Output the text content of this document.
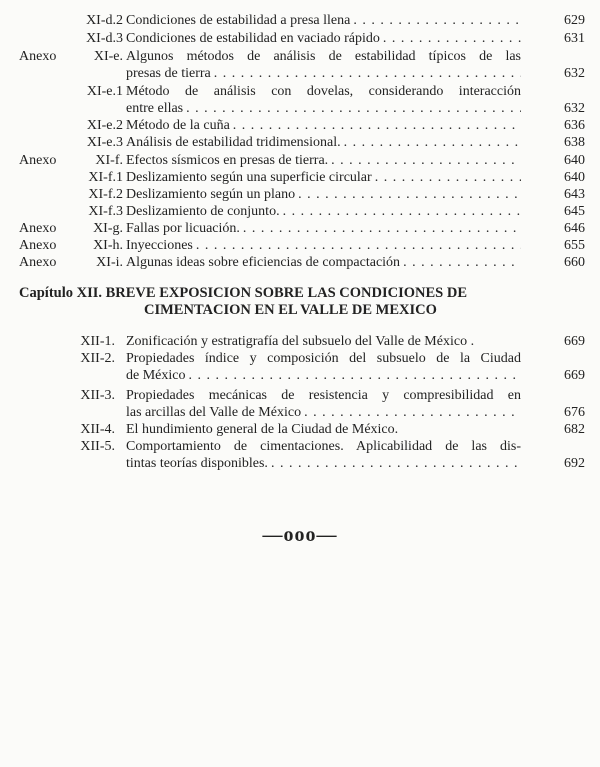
XI-d.2 Condiciones de estabilidad a presa llena . . .	629
XI-d.3 Condiciones de estabilidad en vaciado rápido . . .	631
Anexo	XI-e. Algunos métodos de análisis de estabilidad típicos de las
presas de tierra . . .	632
XI-e.1 Método de análisis con dovelas, considerando interacción
entre ellas . . .	632
XI-e.2 Método de la cuña . . .	636
XI-e.3 Análisis de estabilidad tridimensional. . . .	638
Anexo	XI-f. Efectos sísmicos en presas de tierra. . . .	640
XI-f.1 Deslizamiento según una superficie circular . . .	640
XI-f.2 Deslizamiento según un plano . . .	643
XI-f.3 Deslizamiento de conjunto. . . .	645
Anexo	XI-g. Fallas por licuación. . . .	646
Anexo	XI-h. Inyecciones . . .	655
Anexo	XI-i. Algunas ideas sobre eficiencias de compactación . . .	660
Capítulo XII. BREVE EXPOSICION SOBRE LAS CONDICIONES DE
CIMENTACION EN EL VALLE DE MEXICO
XII-1. Zonificación y estratigrafía del subsuelo del Valle de México .	669
XII-2. Propiedades índice y composición del subsuelo de la Ciudad
de México . . .	669
XII-3. Propiedades mecánicas de resistencia y compresibilidad en
las arcillas del Valle de México . . .	676
XII-4. El hundimiento general de la Ciudad de México.	682
XII-5. Comportamiento de cimentaciones. Aplicabilidad de las dis-
tintas teorías disponibles. . . .	692
—ooo—
